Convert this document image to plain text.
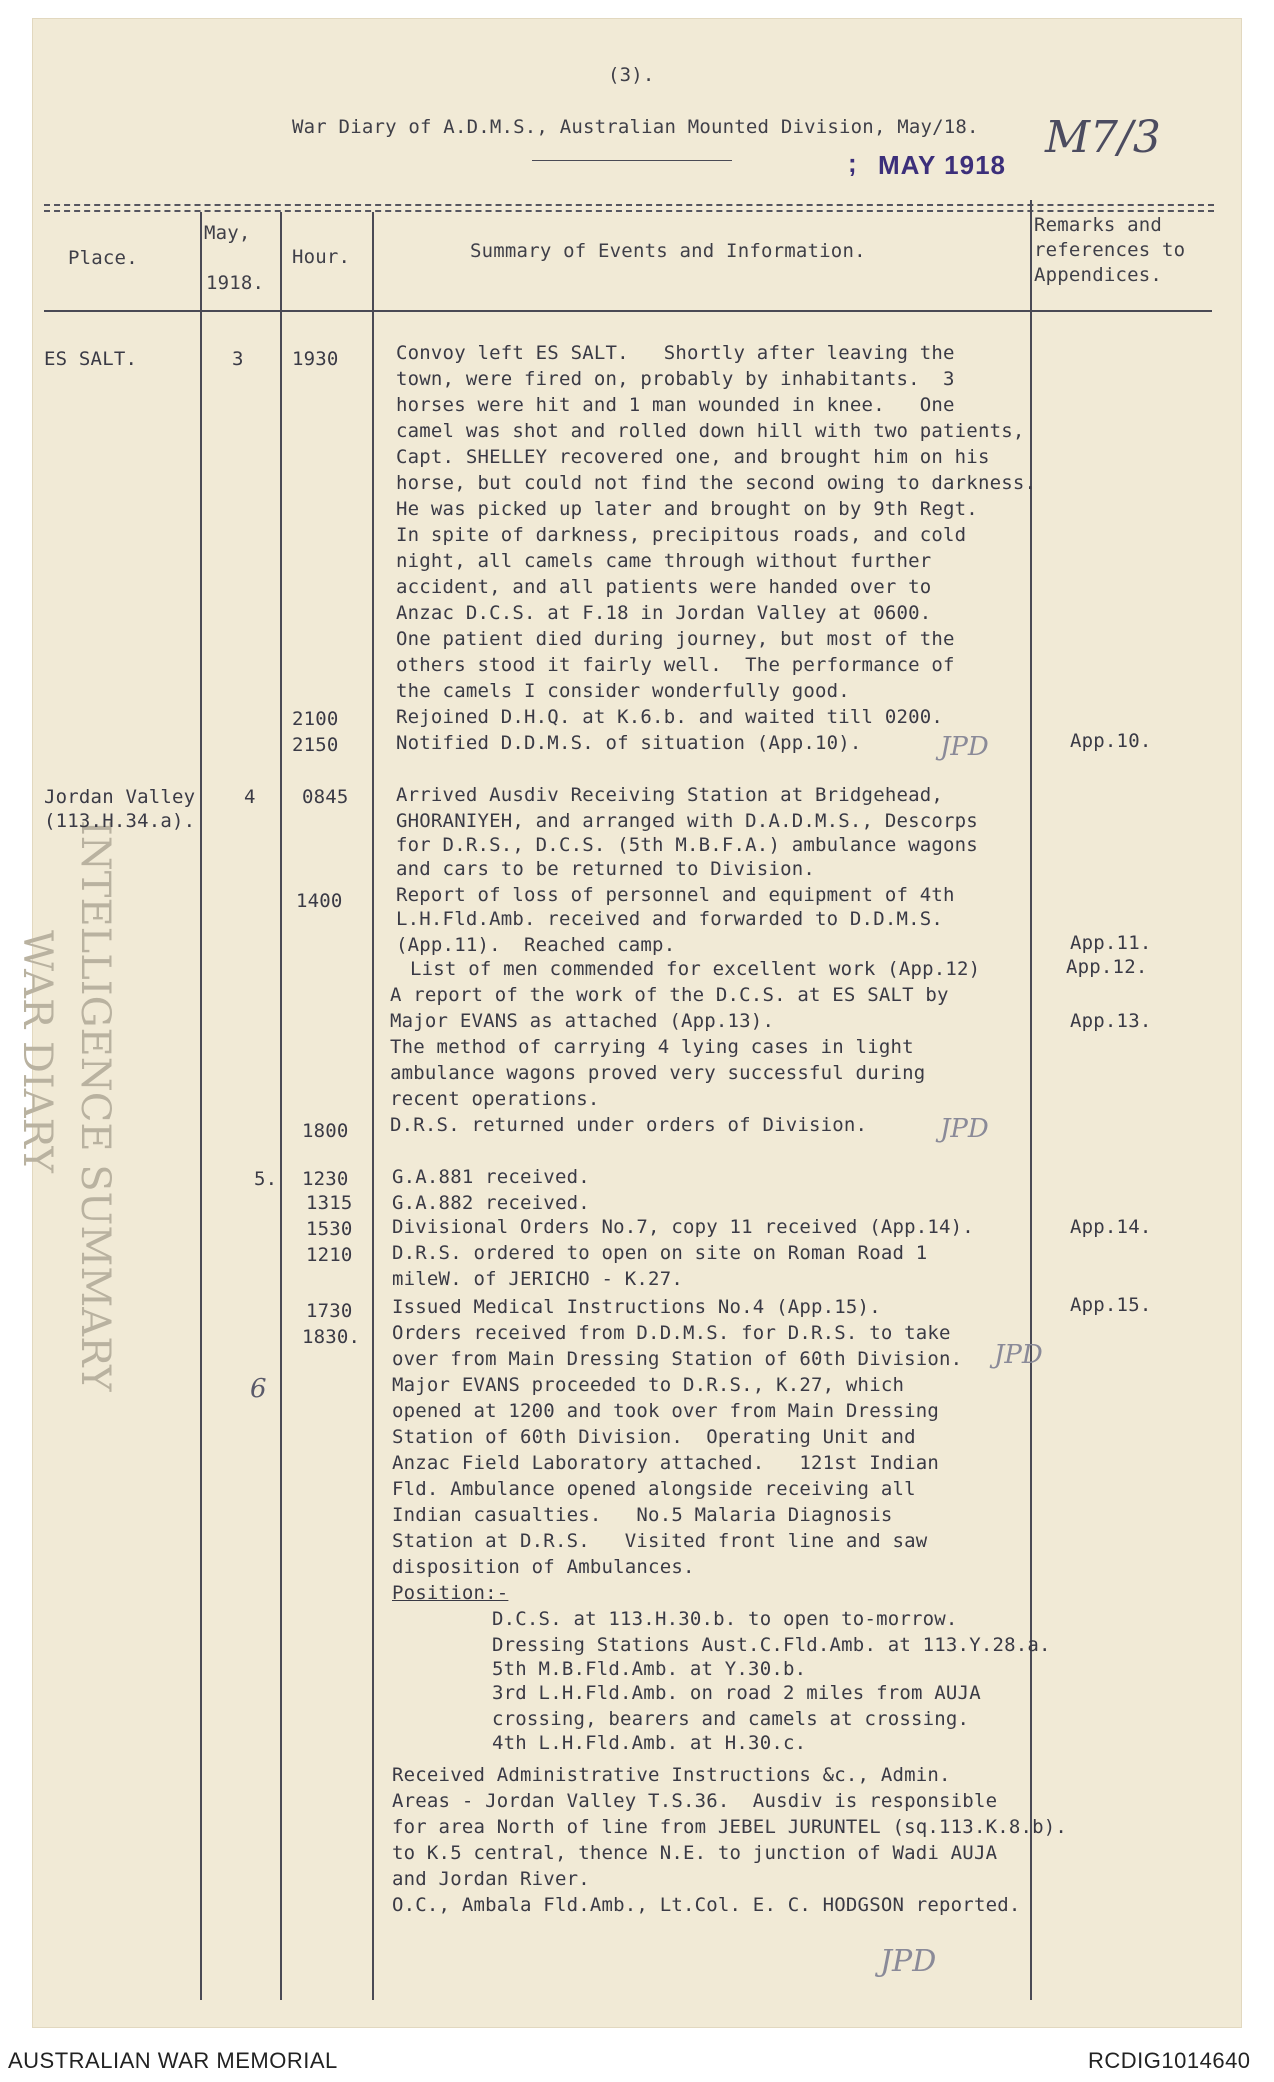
WAR DIARY INTELLIGENCE SUMMARY
(3).
War Diary of A.D.M.S., Australian Mounted Division, May/18. M7/3
MAY 1918
;
Place.
May,
1918.
Hour.	Summary of Events and Information.
Remarks and
references to
Appendices.
ES SALT.
Jordan Valley
(113.H.34.a).
3
4
5.
6
1930
2100
2150
0845
1400
1800
1230
1315
1530
1210
1730
1830.
Convoy left ES SALT.   Shortly after leaving the
town, were fired on, probably by inhabitants.  3
horses were hit and 1 man wounded in knee.   One
camel was shot and rolled down hill with two patients,
Capt. SHELLEY recovered one, and brought him on his
horse, but could not find the second owing to darkness.
He was picked up later and brought on by 9th Regt.
In spite of darkness, precipitous roads, and cold
night, all camels came through without further
accident, and all patients were handed over to
Anzac D.C.S. at F.18 in Jordan Valley at 0600.
One patient died during journey, but most of the
others stood it fairly well.  The performance of
the camels I consider wonderfully good.
Rejoined D.H.Q. at K.6.b. and waited till 0200.
Notified D.D.M.S. of situation (App.10).
Arrived Ausdiv Receiving Station at Bridgehead,
GHORANIYEH, and arranged with D.A.D.M.S., Descorps
for D.R.S., D.C.S. (5th M.B.F.A.) ambulance wagons
and cars to be returned to Division.
Report of loss of personnel and equipment of 4th
L.H.Fld.Amb. received and forwarded to D.D.M.S.
(App.11).  Reached camp.
List of men commended for excellent work (App.12)
A report of the work of the D.C.S. at ES SALT by
Major EVANS as attached (App.13).
The method of carrying 4 lying cases in light
ambulance wagons proved very successful during
recent operations.
D.R.S. returned under orders of Division.
G.A.881 received.
G.A.882 received.
Divisional Orders No.7, copy 11 received (App.14).
D.R.S. ordered to open on site on Roman Road 1
mileW. of JERICHO - K.27.
Issued Medical Instructions No.4 (App.15).
Orders received from D.D.M.S. for D.R.S. to take
over from Main Dressing Station of 60th Division.
Major EVANS proceeded to D.R.S., K.27, which
opened at 1200 and took over from Main Dressing
Station of 60th Division.  Operating Unit and
Anzac Field Laboratory attached.   121st Indian
Fld. Ambulance opened alongside receiving all
Indian casualties.   No.5 Malaria Diagnosis
Station at D.R.S.   Visited front line and saw
disposition of Ambulances.
Position:-
D.C.S. at 113.H.30.b. to open to-morrow.
Dressing Stations Aust.C.Fld.Amb. at 113.Y.28.a.
5th M.B.Fld.Amb. at Y.30.b.
3rd L.H.Fld.Amb. on road 2 miles from AUJA
crossing, bearers and camels at crossing.
4th L.H.Fld.Amb. at H.30.c.
Received Administrative Instructions &c., Admin.
Areas - Jordan Valley T.S.36.  Ausdiv is responsible
for area North of line from JEBEL JURUNTEL (sq.113.K.8.b).
to K.5 central, thence N.E. to junction of Wadi AUJA
and Jordan River.
O.C., Ambala Fld.Amb., Lt.Col. E. C. HODGSON reported.
App.10.
App.11.
App.12.
App.13.
App.14.
App.15.
JPD
JPD
JPD
JPD
AUSTRALIAN WAR MEMORIAL	RCDIG1014640
